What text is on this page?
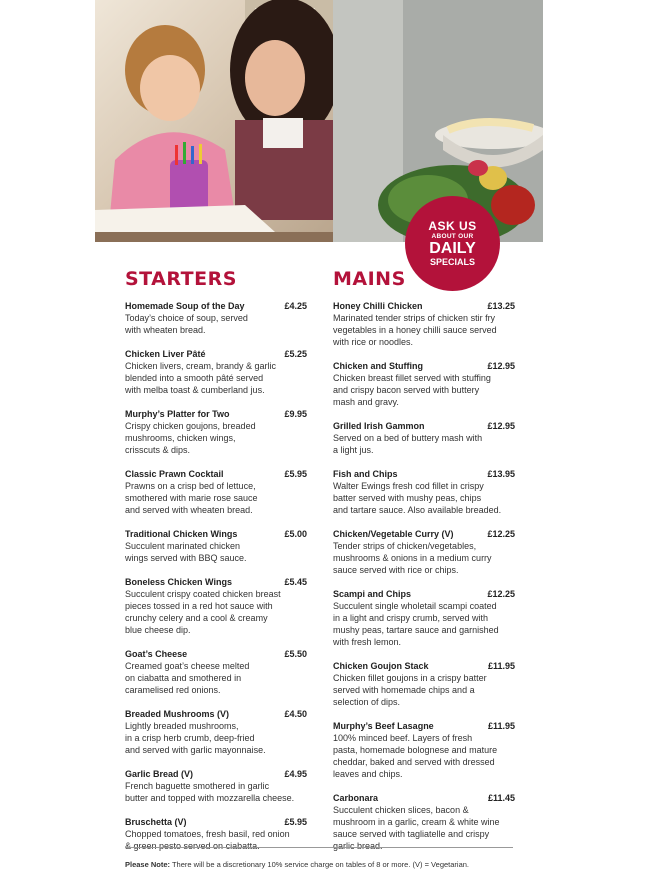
ASK US
ABOUT OUR
DAILY
SPECIALS
STARTERS
Homemade Soup of the Day	£4.25
Today’s choice of soup, served
with wheaten bread.
Chicken Liver Pâté	£5.25
Chicken livers, cream, brandy & garlic
blended into a smooth pâté served
with melba toast & cumberland jus.
Murphy’s Platter for Two	£9.95
Crispy chicken goujons, breaded
mushrooms, chicken wings,
crisscuts & dips.
Classic Prawn Cocktail	£5.95
Prawns on a crisp bed of lettuce,
smothered with marie rose sauce
and served with wheaten bread.
Traditional Chicken Wings	£5.00
Succulent marinated chicken
wings served with BBQ sauce.
Boneless Chicken Wings	£5.45
Succulent crispy coated chicken breast
pieces tossed in a red hot sauce with
crunchy celery and a cool & creamy
blue cheese dip.
Goat’s Cheese	£5.50
Creamed goat’s cheese melted
on ciabatta and smothered in
caramelised red onions.
Breaded Mushrooms (V)	£4.50
Lightly breaded mushrooms,
in a crisp herb crumb, deep-fried
and served with garlic mayonnaise.
Garlic Bread (V)	£4.95
French baguette smothered in garlic
butter and topped with mozzarella cheese.
Bruschetta (V)	£5.95
Chopped tomatoes, fresh basil, red onion
& green pesto served on ciabatta.
MAINS
Honey Chilli Chicken	£13.25
Marinated tender strips of chicken stir fry
vegetables in a honey chilli sauce served
with rice or noodles.
Chicken and Stuffing	£12.95
Chicken breast fillet served with stuffing
and crispy bacon served with buttery
mash and gravy.
Grilled Irish Gammon	£12.95
Served on a bed of buttery mash with
a light jus.
Fish and Chips	£13.95
Walter Ewings fresh cod fillet in crispy
batter served with mushy peas, chips
and tartare sauce. Also available breaded.
Chicken/Vegetable Curry (V)	£12.25
Tender strips of chicken/vegetables,
mushrooms & onions in a medium curry
sauce served with rice or chips.
Scampi and Chips	£12.25
Succulent single wholetail scampi coated
in a light and crispy crumb, served with
mushy peas, tartare sauce and garnished
with fresh lemon.
Chicken Goujon Stack	£11.95
Chicken fillet goujons in a crispy batter
served with homemade chips and a
selection of dips.
Murphy’s Beef Lasagne	£11.95
100% minced beef. Layers of fresh
pasta, homemade bolognese and mature
cheddar, baked and served with dressed
leaves and chips.
Carbonara	£11.45
Succulent chicken slices, bacon &
mushroom in a garlic, cream & white wine
sauce served with tagliatelle and crispy
garlic bread.
Please Note: There will be a discretionary 10% service charge on tables of 8 or more. (V) = Vegetarian.
